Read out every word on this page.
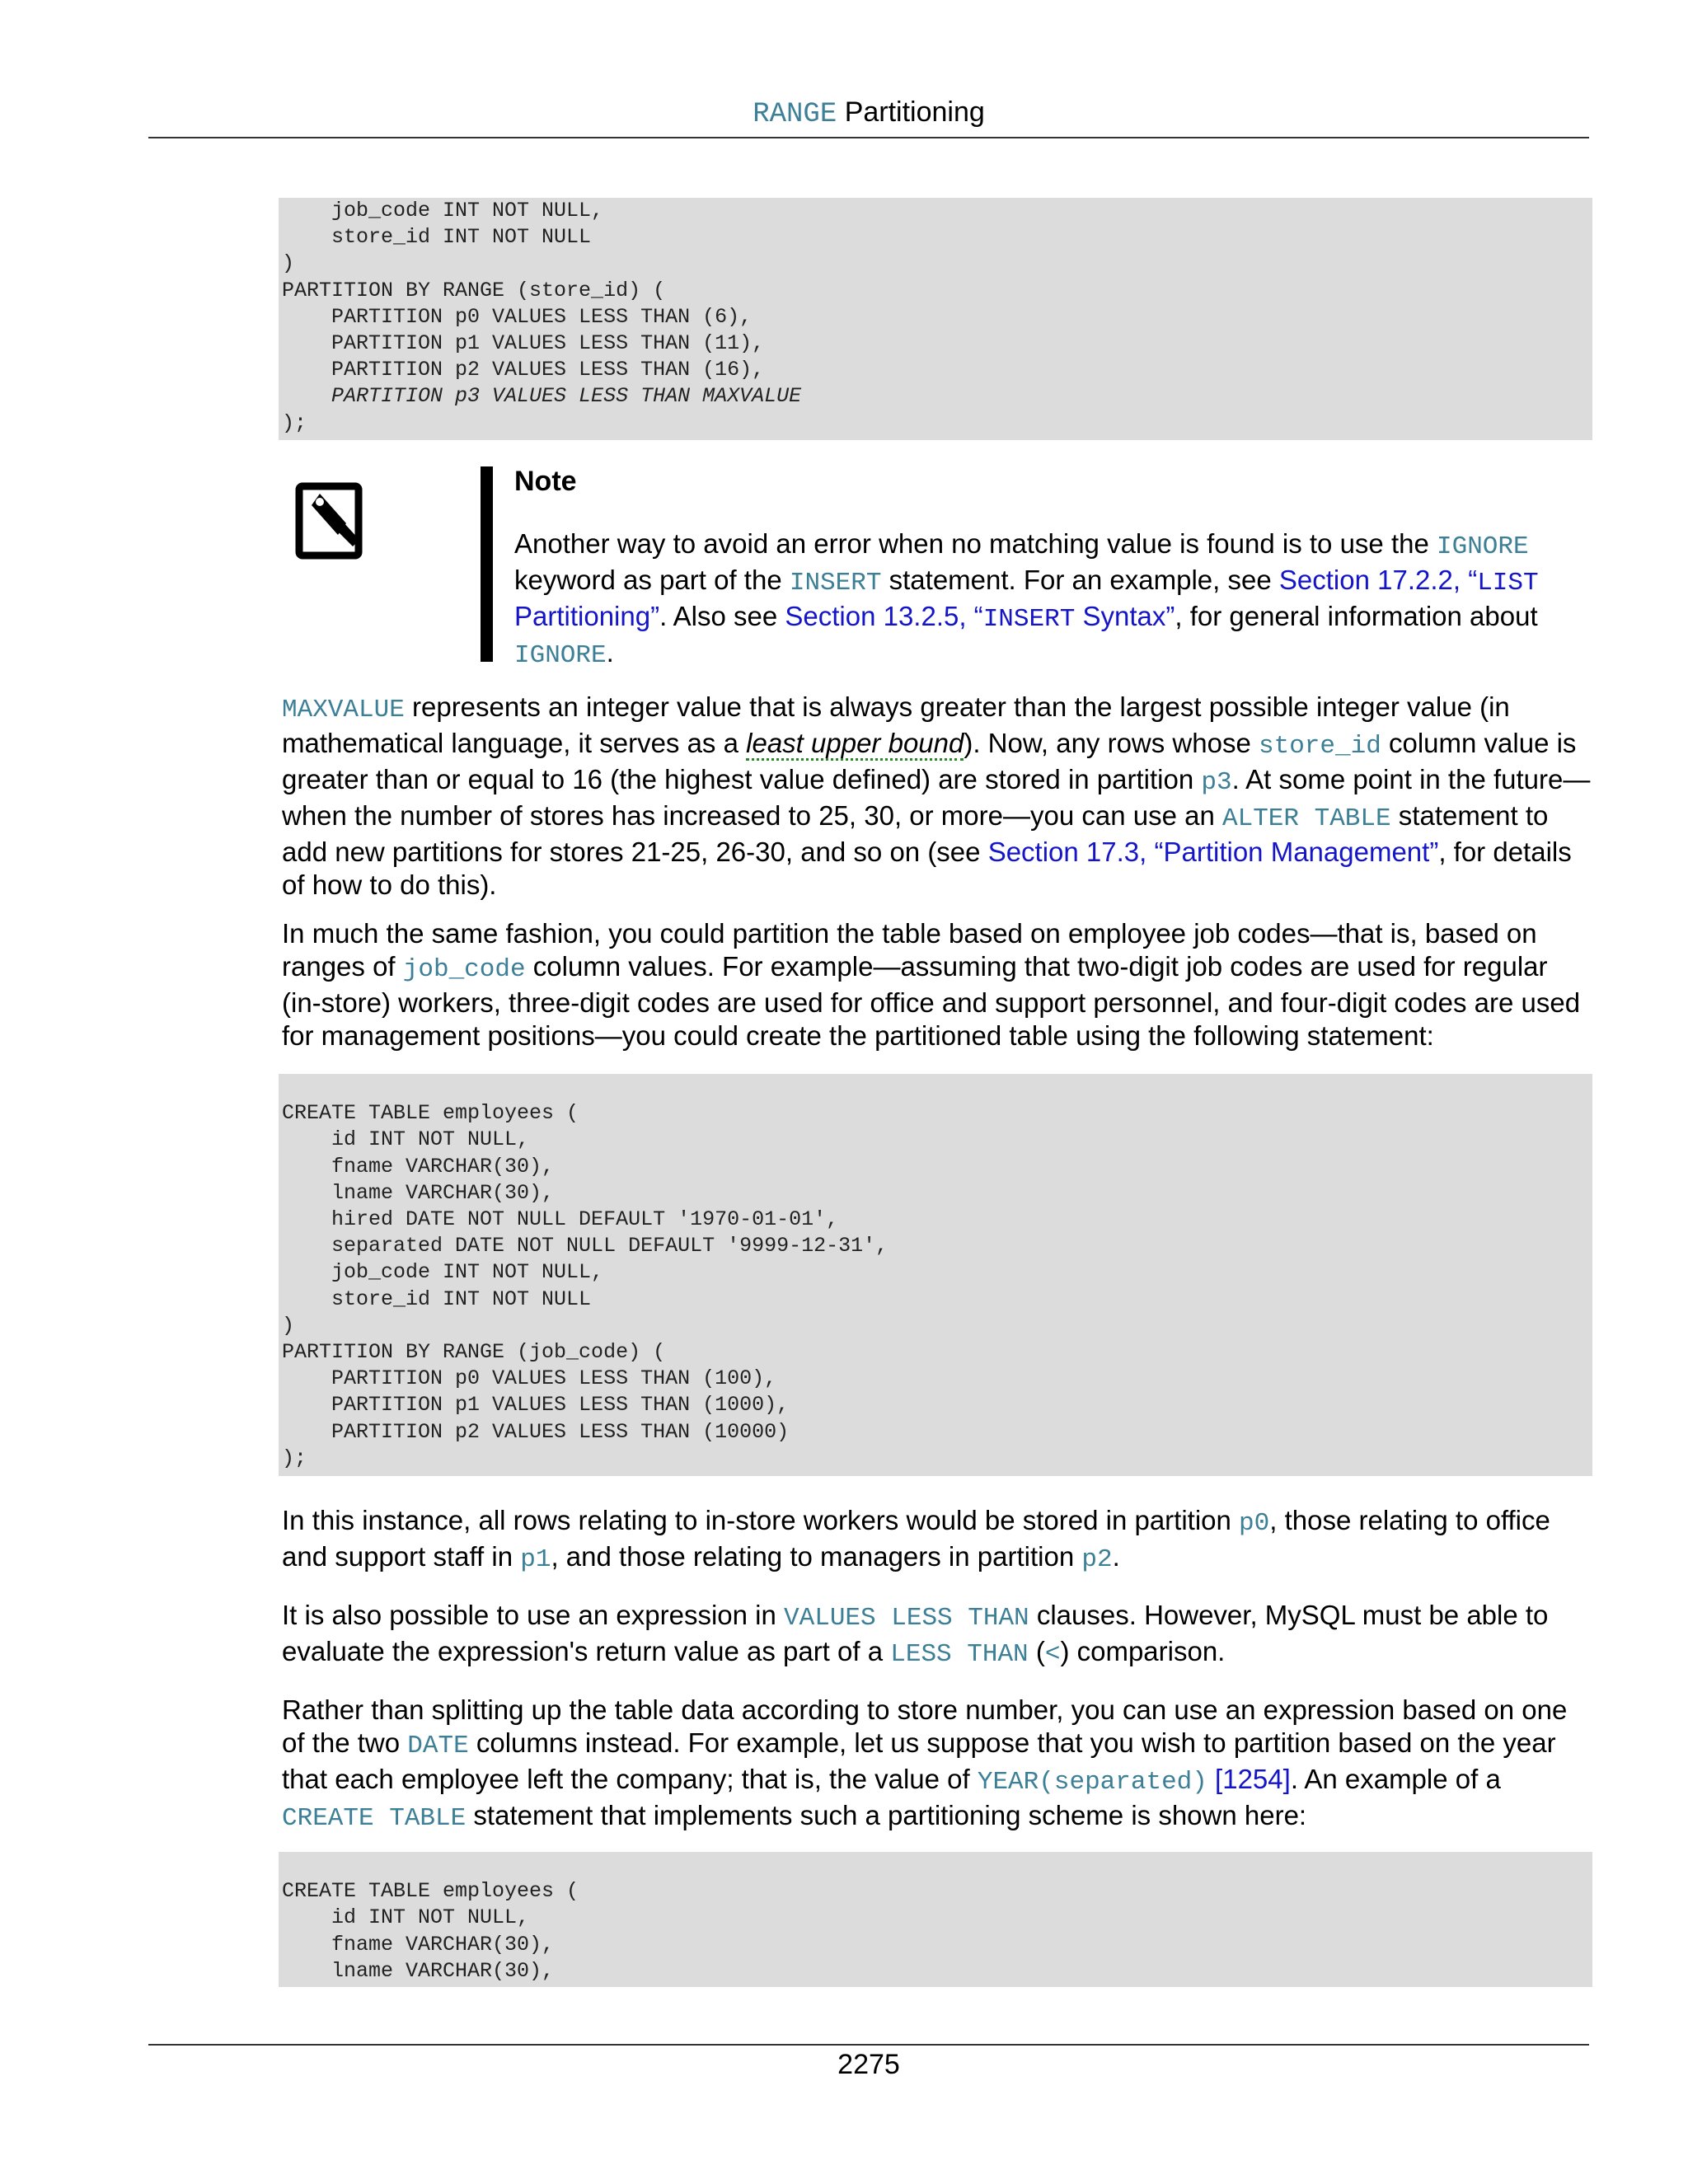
RANGE Partitioning
job_code INT NOT NULL,
store_id INT NOT NULL
)
PARTITION BY RANGE (store_id) (
PARTITION p0 VALUES LESS THAN (6),
PARTITION p1 VALUES LESS THAN (11),
PARTITION p2 VALUES LESS THAN (16),
PARTITION p3 VALUES LESS THAN MAXVALUE
);
Note
Another way to avoid an error when no matching value is found is to use the IGNORE keyword as part of the INSERT statement. For an example, see Section 17.2.2, “LIST Partitioning”. Also see Section 13.2.5, “INSERT Syntax”, for general information about IGNORE.

MAXVALUE represents an integer value that is always greater than the largest possible integer value (in mathematical language, it serves as a least upper bound). Now, any rows whose store_id column value is greater than or equal to 16 (the highest value defined) are stored in partition p3. At some point in the future—when the number of stores has increased to 25, 30, or more—you can use an ALTER TABLE statement to add new partitions for stores 21-25, 26-30, and so on (see Section 17.3, “Partition Management”, for details of how to do this).

In much the same fashion, you could partition the table based on employee job codes—that is, based on ranges of job_code column values. For example—assuming that two-digit job codes are used for regular (in-store) workers, three-digit codes are used for office and support personnel, and four-digit codes are used for management positions—you could create the partitioned table using the following statement:

CREATE TABLE employees (
id INT NOT NULL,
fname VARCHAR(30),
lname VARCHAR(30),
hired DATE NOT NULL DEFAULT '1970-01-01',
separated DATE NOT NULL DEFAULT '9999-12-31',
job_code INT NOT NULL,
store_id INT NOT NULL
)
PARTITION BY RANGE (job_code) (
PARTITION p0 VALUES LESS THAN (100),
PARTITION p1 VALUES LESS THAN (1000),
PARTITION p2 VALUES LESS THAN (10000)
);

In this instance, all rows relating to in-store workers would be stored in partition p0, those relating to office and support staff in p1, and those relating to managers in partition p2.

It is also possible to use an expression in VALUES LESS THAN clauses. However, MySQL must be able to evaluate the expression's return value as part of a LESS THAN (<) comparison.

Rather than splitting up the table data according to store number, you can use an expression based on one of the two DATE columns instead. For example, let us suppose that you wish to partition based on the year that each employee left the company; that is, the value of YEAR(separated) [1254]. An example of a CREATE TABLE statement that implements such a partitioning scheme is shown here:

CREATE TABLE employees (
id INT NOT NULL,
fname VARCHAR(30),
lname VARCHAR(30),
2275
